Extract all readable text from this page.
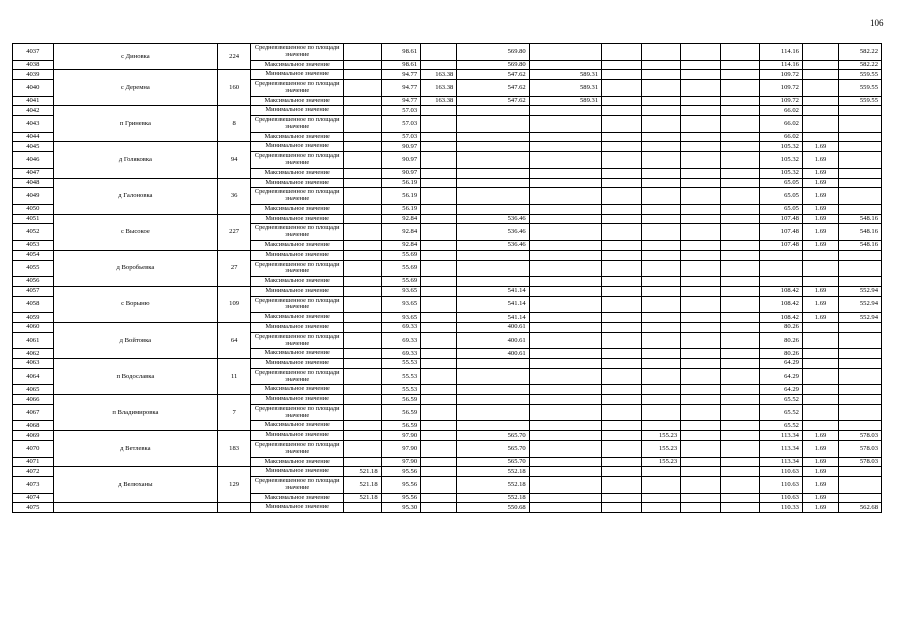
106
4037	с Диновка	224	Средневзвешенное по площади значение		98.61		569.80						114.16		582.22
4038			Максимальное значение		98.61		569.80						114.16		582.22
4039	с Деремна	160	Минимальное значение		94.77	163.38	547.62	589.31					109.72		559.55
4040			Средневзвешенное по площади значение		94.77	163.38	547.62	589.31					109.72		559.55
4041			Максимальное значение		94.77	163.38	547.62	589.31					109.72		559.55
4042	п Гриневка	8	Минимальное значение		57.03								66.02		
4043			Средневзвешенное по площади значение		57.03								66.02		
4044			Максимальное значение		57.03								66.02		
4045	д Голяковка	94	Минимальное значение		90.97								105.32	1.69	
4046			Средневзвешенное по площади значение		90.97								105.32	1.69	
4047			Максимальное значение		90.97								105.32	1.69	
4048	д Галоновка	36	Минимальное значение		56.19								65.05	1.69	
4049			Средневзвешенное по площади значение		56.19								65.05	1.69	
4050			Максимальное значение		56.19								65.05	1.69	
4051	с Высокое	227	Минимальное значение		92.84		536.46						107.48	1.69	548.16
4052			Средневзвешенное по площади значение		92.84		536.46						107.48	1.69	548.16
4053			Максимальное значение		92.84		536.46						107.48	1.69	548.16
4054	д Воробьевка	27	Минимальное значение		55.69										
4055			Средневзвешенное по площади значение		55.69										
4056			Максимальное значение		55.69										
4057	с Ворыню	109	Минимальное значение		93.65		541.14						108.42	1.69	552.94
4058			Средневзвешенное по площади значение		93.65		541.14						108.42	1.69	552.94
4059			Максимальное значение		93.65		541.14						108.42	1.69	552.94
4060	д Войтовка	64	Минимальное значение		69.33		400.61						80.26		
4061			Средневзвешенное по площади значение		69.33		400.61						80.26		
4062			Максимальное значение		69.33		400.61						80.26		
4063	п Водославка	11	Минимальное значение		55.53								64.29		
4064			Средневзвешенное по площади значение		55.53								64.29		
4065			Максимальное значение		55.53								64.29		
4066	п Владимировка	7	Минимальное значение		56.59								65.52		
4067			Средневзвешенное по площади значение		56.59								65.52		
4068			Максимальное значение		56.59								65.52		
4069	д Ветлевка	183	Минимальное значение		97.90		565.70			155.23			113.34	1.69	578.03
4070			Средневзвешенное по площади значение		97.90		565.70			155.23			113.34	1.69	578.03
4071			Максимальное значение		97.90		565.70			155.23			113.34	1.69	578.03
4072	д Велюханы	129	Минимальное значение	521.18	95.56		552.18						110.63	1.69	
4073			Средневзвешенное по площади значение	521.18	95.56		552.18						110.63	1.69	
4074			Максимальное значение	521.18	95.56		552.18						110.63	1.69	
4075			Минимальное значение		95.30		550.68						110.33	1.69	562.68
